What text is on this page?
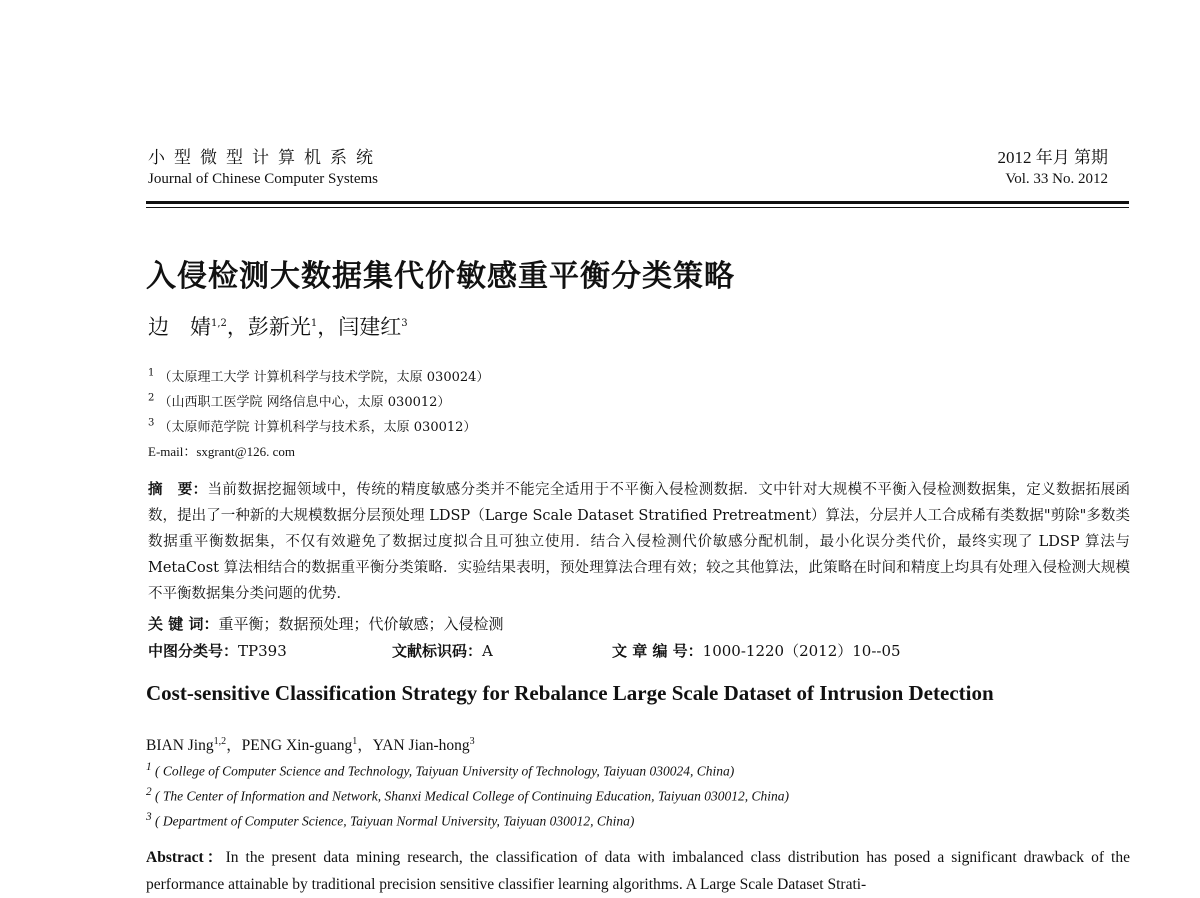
小型微型计算机系统
Journal of Chinese Computer Systems
2012 年月 第期
Vol. 33 No. 2012
入侵检测大数据集代价敏感重平衡分类策略
边　婧$^{1,2}$，彭新光$^1$，闫建红$^3$
$^1$ （太原理工大学 计算机科学与技术学院，太原 030024）
$^2$ （山西职工医学院 网络信息中心，太原 030012）
$^3$ （太原师范学院 计算机科学与技术系，太原 030012）
E-mail：sxgrant@126. com
摘　要：当前数据挖掘领域中，传统的精度敏感分类并不能完全适用于不平衡入侵检测数据．文中针对大规模不平衡入侵检测数据集，定义数据拓展函数，提出了一种新的大规模数据分层预处理 LDSP（Large Scale Dataset Stratified Pretreatment）算法，分层并人工合成稀有类数据"剪除"多数类数据重平衡数据集，不仅有效避免了数据过度拟合且可独立使用．结合入侵检测代价敏感分配机制，最小化误分类代价，最终实现了 LDSP 算法与 MetaCost 算法相结合的数据重平衡分类策略．实验结果表明，预处理算法合理有效；较之其他算法，此策略在时间和精度上均具有处理入侵检测大规模不平衡数据集分类问题的优势．
关 键 词：重平衡；数据预处理；代价敏感；入侵检测
中图分类号：TP393	文献标识码：A	文 章 编 号：1000-1220（2012）10--05
Cost-sensitive Classification Strategy for Rebalance Large Scale Dataset of Intrusion Detection
BIAN Jing$^{1,2}$，PENG Xin-guang$^1$，YAN Jian-hong$^3$
$^1$ ( College of Computer Science and Technology, Taiyuan University of Technology, Taiyuan 030024, China)
$^2$ ( The Center of Information and Network, Shanxi Medical College of Continuing Education, Taiyuan 030012, China)
$^3$ ( Department of Computer Science, Taiyuan Normal University, Taiyuan 030012, China)
Abstract：In the present data mining research, the classification of data with imbalanced class distribution has posed a significant drawback of the performance attainable by traditional precision sensitive classifier learning algorithms. A Large Scale Dataset Strati-
